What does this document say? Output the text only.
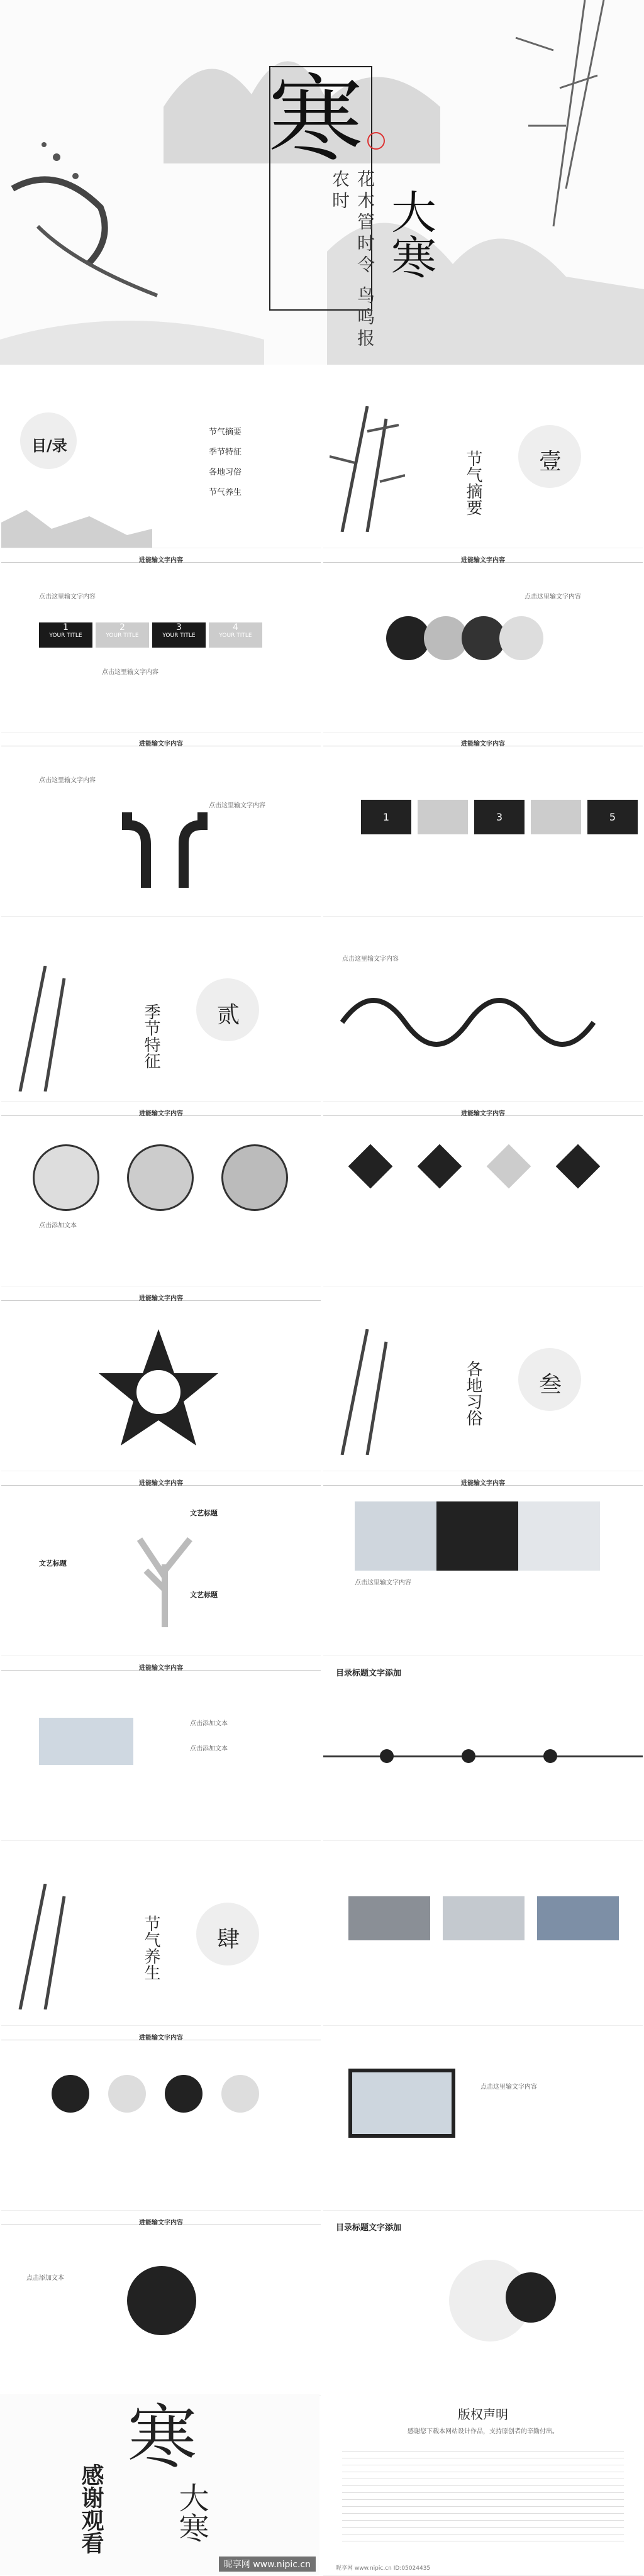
寒
大寒
花木管时令 鸟鸣报农时
目/录
节气摘要
季节特征
各地习俗
节气养生	节气摘要	壹
进能输文字内容
1
YOUR TITLE
2
YOUR TITLE
3
YOUR TITLE
4
YOUR TITLE
点击这里输文字内容
点击这里输文字内容
进能输文字内容
点击这里输文字内容
进能输文字内容
点击这里输文字内容
点击这里输文字内容
进能输文字内容
1	3	5
季节特征	贰
点击这里输文字内容
进能输文字内容
点击添加文本
进能输文字内容
进能输文字内容
各地习俗	叁
进能输文字内容
文艺标题
文艺标题
文艺标题
进能输文字内容
点击这里输文字内容
进能输文字内容
点击添加文本
点击添加文本
目录标题文字添加
节气养生	肆
进能输文字内容
点击这里输文字内容
进能输文字内容
点击添加文本
目录标题文字添加
版权声明
感谢您下载本网站设计作品，支持原创者的辛勤付出。
昵享网 www.nipic.cn ID:05024435
寒
大寒
感谢观看
昵享网 www.nipic.cn
